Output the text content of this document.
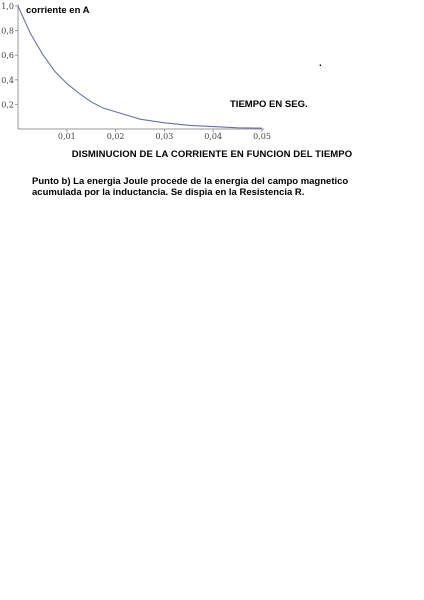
0,01	0,02	0,03	0,04	0,05
0,2
0,4
0,6
0,8
1,0 corriente en A
TIEMPO EN SEG.
.
DISMINUCION DE LA CORRIENTE EN FUNCION DEL TIEMPO

Punto b) La energia Joule procede de la energia del campo magnetico

acumulada por la inductancia. Se dispia en la Resistencia R.
